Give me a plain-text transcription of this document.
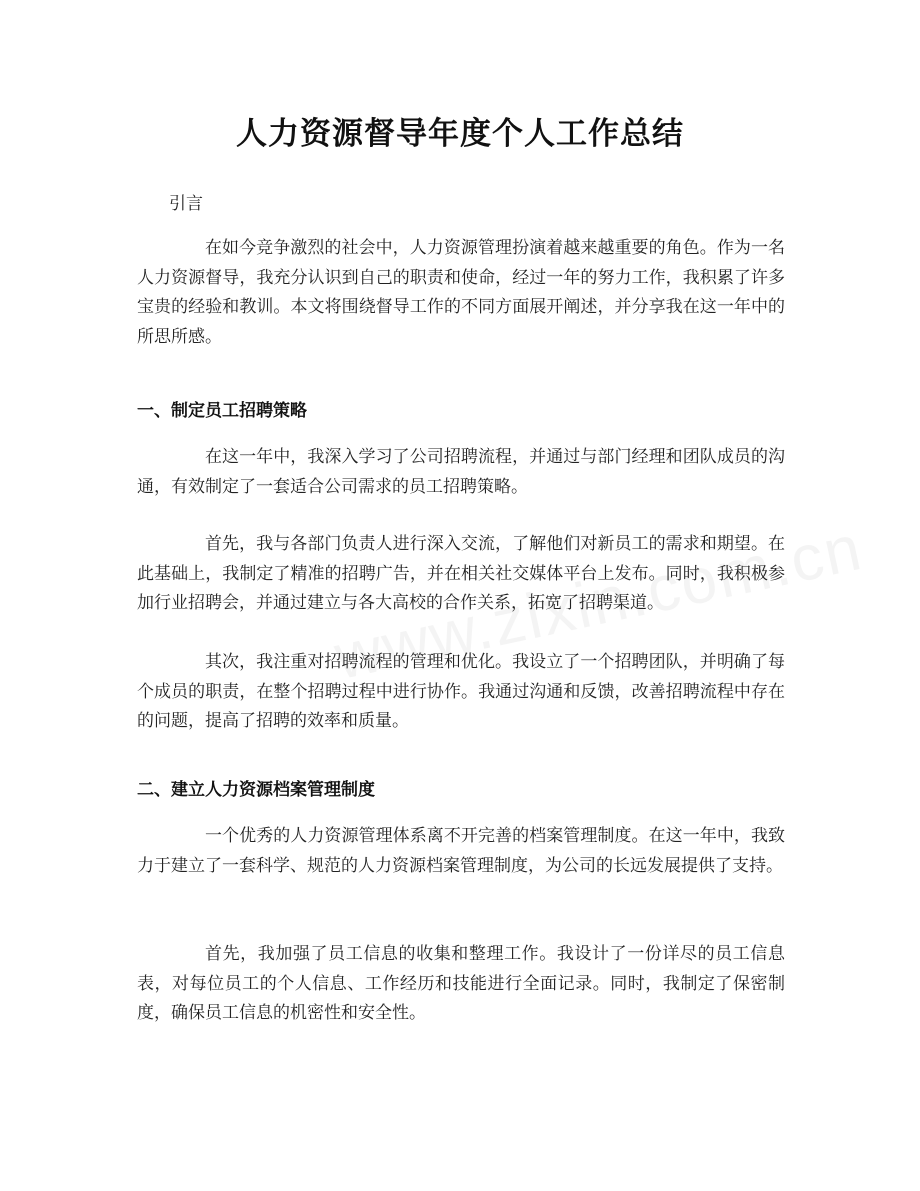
人力资源督导年度个人工作总结
引言

在如今竞争激烈的社会中，人力资源管理扮演着越来越重要的角色。作为一名人力资源督导，我充分认识到自己的职责和使命，经过一年的努力工作，我积累了许多宝贵的经验和教训。本文将围绕督导工作的不同方面展开阐述，并分享我在这一年中的所思所感。

一、制定员工招聘策略

在这一年中，我深入学习了公司招聘流程，并通过与部门经理和团队成员的沟通，有效制定了一套适合公司需求的员工招聘策略。

首先，我与各部门负责人进行深入交流，了解他们对新员工的需求和期望。在此基础上，我制定了精准的招聘广告，并在相关社交媒体平台上发布。同时，我积极参加行业招聘会，并通过建立与各大高校的合作关系，拓宽了招聘渠道。

其次，我注重对招聘流程的管理和优化。我设立了一个招聘团队，并明确了每个成员的职责，在整个招聘过程中进行协作。我通过沟通和反馈，改善招聘流程中存在的问题，提高了招聘的效率和质量。

二、建立人力资源档案管理制度

一个优秀的人力资源管理体系离不开完善的档案管理制度。在这一年中，我致力于建立了一套科学、规范的人力资源档案管理制度，为公司的长远发展提供了支持。

首先，我加强了员工信息的收集和整理工作。我设计了一份详尽的员工信息表，对每位员工的个人信息、工作经历和技能进行全面记录。同时，我制定了保密制度，确保员工信息的机密性和安全性。
